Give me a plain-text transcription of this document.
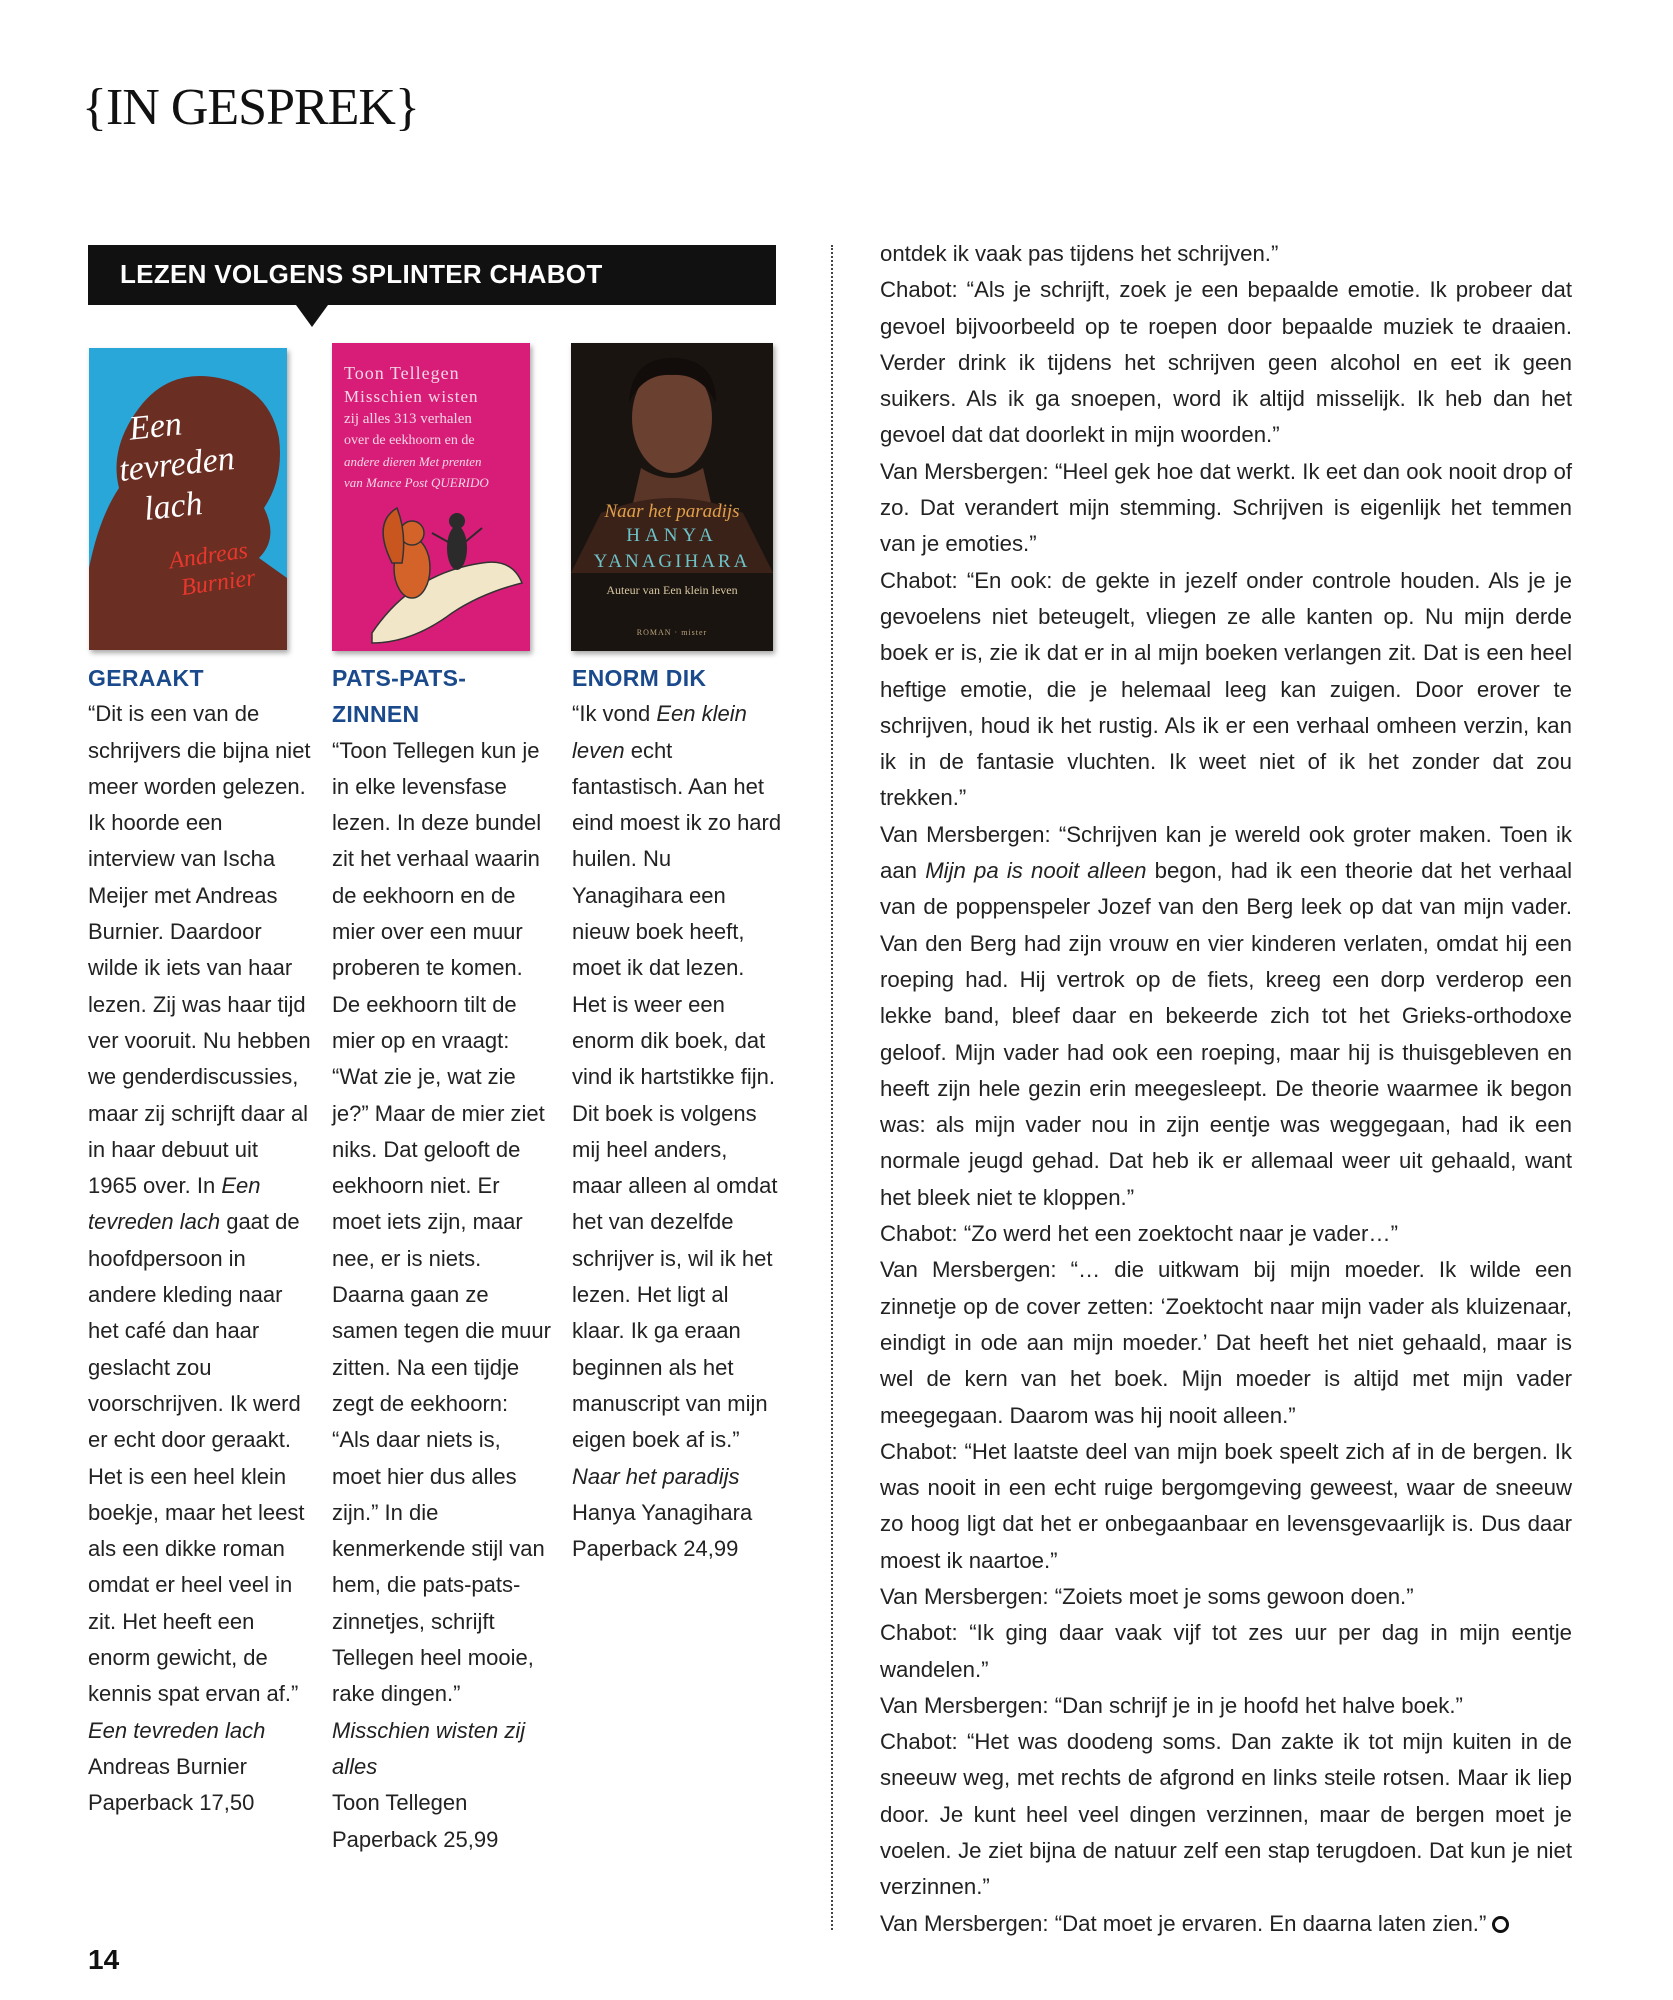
{IN GESPREK}
LEZEN VOLGENS SPLINTER CHABOT
Een
tevreden
lach
Andreas
Burnier
Toon Tellegen
Misschien wisten
zij alles 313 verhalen
over de eekhoorn en de
andere dieren Met prenten
van Mance Post QUERIDO
Naar het paradijs
HANYA
YANAGIHARA
Auteur van Een klein leven
ROMAN · mister
GERAAKT

“Dit is een van de schrijvers die bijna niet meer worden gelezen. Ik hoorde een interview van Ischa Meijer met Andreas Burnier. Daardoor wilde ik iets van haar lezen. Zij was haar tijd ver vooruit. Nu hebben we genderdiscussies, maar zij schrijft daar al in haar debuut uit 1965 over. In Een tevreden lach gaat de hoofdpersoon in andere kleding naar het café dan haar geslacht zou voorschrijven. Ik werd er echt door geraakt. Het is een heel klein boekje, maar het leest als een dikke roman omdat er heel veel in zit. Het heeft een enorm gewicht, de kennis spat ervan af.”

Een tevreden lach
Andreas Burnier
Paperback 17,50
PATS-PATS-ZINNEN

“Toon Tellegen kun je in elke levensfase lezen. In deze bundel zit het verhaal waarin de eekhoorn en de mier over een muur proberen te komen. De eekhoorn tilt de mier op en vraagt: “Wat zie je, wat zie je?” Maar de mier ziet niks. Dat gelooft de eekhoorn niet. Er moet iets zijn, maar nee, er is niets. Daarna gaan ze samen tegen die muur zitten. Na een tijdje zegt de eekhoorn: “Als daar niets is, moet hier dus alles zijn.” In die kenmerkende stijl van hem, die pats-pats-zinnetjes, schrijft Tellegen heel mooie, rake dingen.”

Misschien wisten zij alles
Toon Tellegen
Paperback 25,99
ENORM DIK

“Ik vond Een klein leven echt fantastisch. Aan het eind moest ik zo hard huilen. Nu Yanagihara een nieuw boek heeft, moet ik dat lezen. Het is weer een enorm dik boek, dat vind ik hartstikke fijn. Dit boek is volgens mij heel anders, maar alleen al omdat het van dezelfde schrijver is, wil ik het lezen. Het ligt al klaar. Ik ga eraan beginnen als het manuscript van mijn eigen boek af is.”

Naar het paradijs
Hanya Yanagihara
Paperback 24,99

ontdek ik vaak pas tijdens het schrijven.”

Chabot: “Als je schrijft, zoek je een bepaalde emotie. Ik probeer dat gevoel bijvoorbeeld op te roepen door bepaalde muziek te draaien. Verder drink ik tijdens het schrijven geen alcohol en eet ik geen suikers. Als ik ga snoepen, word ik altijd misselijk. Ik heb dan het gevoel dat dat doorlekt in mijn woorden.”

Van Mersbergen: “Heel gek hoe dat werkt. Ik eet dan ook nooit drop of zo. Dat verandert mijn stemming. Schrijven is eigenlijk het temmen van je emoties.”

Chabot: “En ook: de gekte in jezelf onder controle houden. Als je je gevoelens niet beteugelt, vliegen ze alle kanten op. Nu mijn derde boek er is, zie ik dat er in al mijn boeken verlangen zit. Dat is een heel heftige emotie, die je helemaal leeg kan zuigen. Door erover te schrijven, houd ik het rustig. Als ik er een verhaal omheen verzin, kan ik in de fantasie vluchten. Ik weet niet of ik het zonder dat zou trekken.”

Van Mersbergen: “Schrijven kan je wereld ook groter maken. Toen ik aan Mijn pa is nooit alleen begon, had ik een theorie dat het verhaal van de poppenspeler Jozef van den Berg leek op dat van mijn vader. Van den Berg had zijn vrouw en vier kinderen verlaten, omdat hij een roeping had. Hij vertrok op de fiets, kreeg een dorp verderop een lekke band, bleef daar en bekeerde zich tot het Grieks-orthodoxe geloof. Mijn vader had ook een roeping, maar hij is thuisgebleven en heeft zijn hele gezin erin meegesleept. De theorie waarmee ik begon was: als mijn vader nou in zijn eentje was weggegaan, had ik een normale jeugd gehad. Dat heb ik er allemaal weer uit gehaald, want het bleek niet te kloppen.”

Chabot: “Zo werd het een zoektocht naar je vader…”

Van Mersbergen: “… die uitkwam bij mijn moeder. Ik wilde een zinnetje op de cover zetten: ‘Zoektocht naar mijn vader als kluizenaar, eindigt in ode aan mijn moeder.’ Dat heeft het niet gehaald, maar is wel de kern van het boek. Mijn moeder is altijd met mijn vader meegegaan. Daarom was hij nooit alleen.”

Chabot: “Het laatste deel van mijn boek speelt zich af in de bergen. Ik was nooit in een echt ruige bergomgeving geweest, waar de sneeuw zo hoog ligt dat het er onbegaanbaar en levensgevaarlijk is. Dus daar moest ik naartoe.”

Van Mersbergen: “Zoiets moet je soms gewoon doen.”

Chabot: “Ik ging daar vaak vijf tot zes uur per dag in mijn eentje wandelen.”

Van Mersbergen: “Dan schrijf je in je hoofd het halve boek.”

Chabot: “Het was doodeng soms. Dan zakte ik tot mijn kuiten in de sneeuw weg, met rechts de afgrond en links steile rotsen. Maar ik liep door. Je kunt heel veel dingen verzinnen, maar de bergen moet je voelen. Je ziet bijna de natuur zelf een stap terugdoen. Dat kun je niet verzinnen.”

Van Mersbergen: “Dat moet je ervaren. En daarna laten zien.”

14
